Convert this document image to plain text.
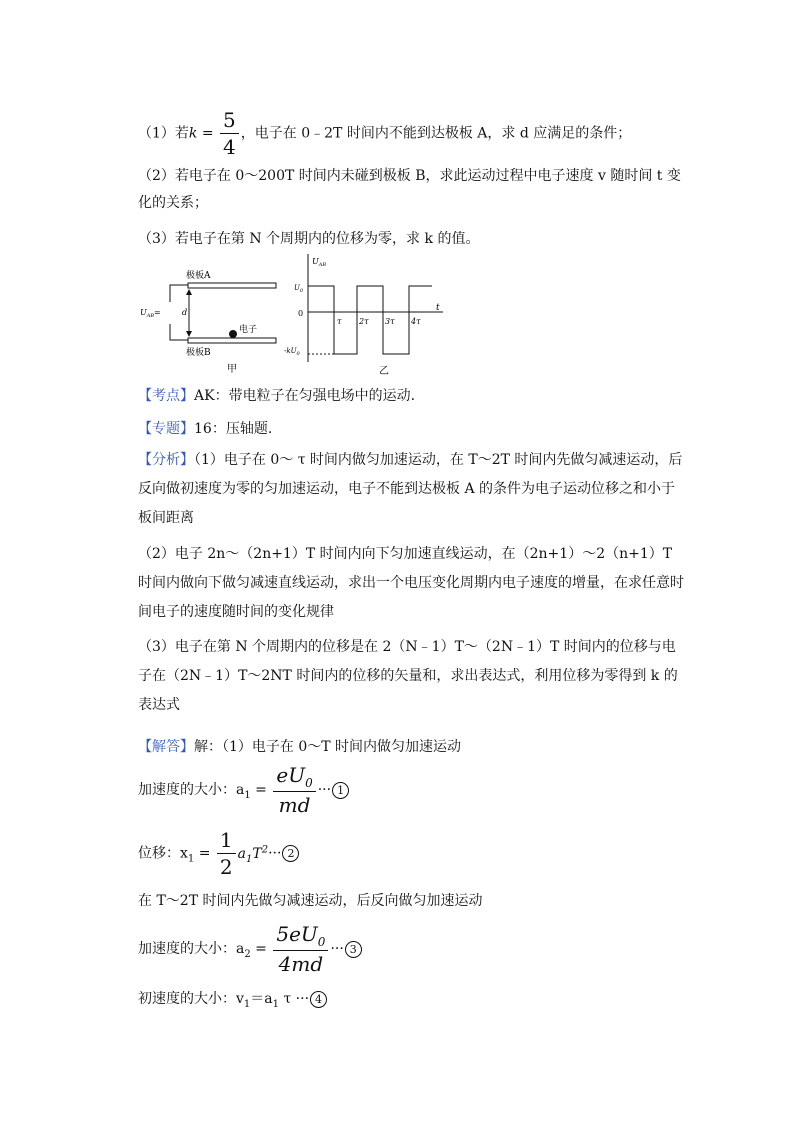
（1）若$k = \frac{5}{4}$ ，电子在 0﹣2T 时间内不能到达极板 A，求 d 应满足的条件；
（2）若电子在 0～200T 时间内未碰到极板 B，求此运动过程中电子速度 v 随时间 t 变化的关系；
（3）若电子在第 N 个周期内的位移为零，求 k 的值。
极板A
极板B
$U_{AB}=$	d
电子
甲
$U_{AB}$
$U_0$
0
$-kU_0$
t
τ 2τ 3τ 4τ
乙
【考点】AK：带电粒子在匀强电场中的运动.
【专题】16：压轴题.
【分析】（1）电子在 0～ τ 时间内做匀加速运动，在 T～2T 时间内先做匀减速运动，后反向做初速度为零的匀加速运动，电子不能到达极板 A 的条件为电子运动位移之和小于板间距离
（2）电子 2n～（2n+1）T 时间内向下匀加速直线运动，在（2n+1）～2（n+1）T 时间内做向下做匀减速直线运动，求出一个电压变化周期内电子速度的增量，在求任意时间电子的速度随时间的变化规律
（3）电子在第 N 个周期内的位移是在 2（N﹣1）T～（2N﹣1）T 时间内的位移与电子在（2N﹣1）T～2NT 时间内的位移的矢量和，求出表达式，利用位移为零得到 k 的表达式
【解答】解：（1）电子在 0～T 时间内做匀加速运动
加速度的大小：$a_1 = \frac{eU_0}{md}$ ··· 1
位移：$x_1 = \frac{1}{2} a_1T^2\cdot\cdot\cdot 2$
在 T～2T 时间内先做匀减速运动，后反向做匀加速运动
加速度的大小：$a_2 = \frac{5eU_0}{4md}$ ··· 3
初速度的大小：$v_1=a_1$ τ ··· 4
